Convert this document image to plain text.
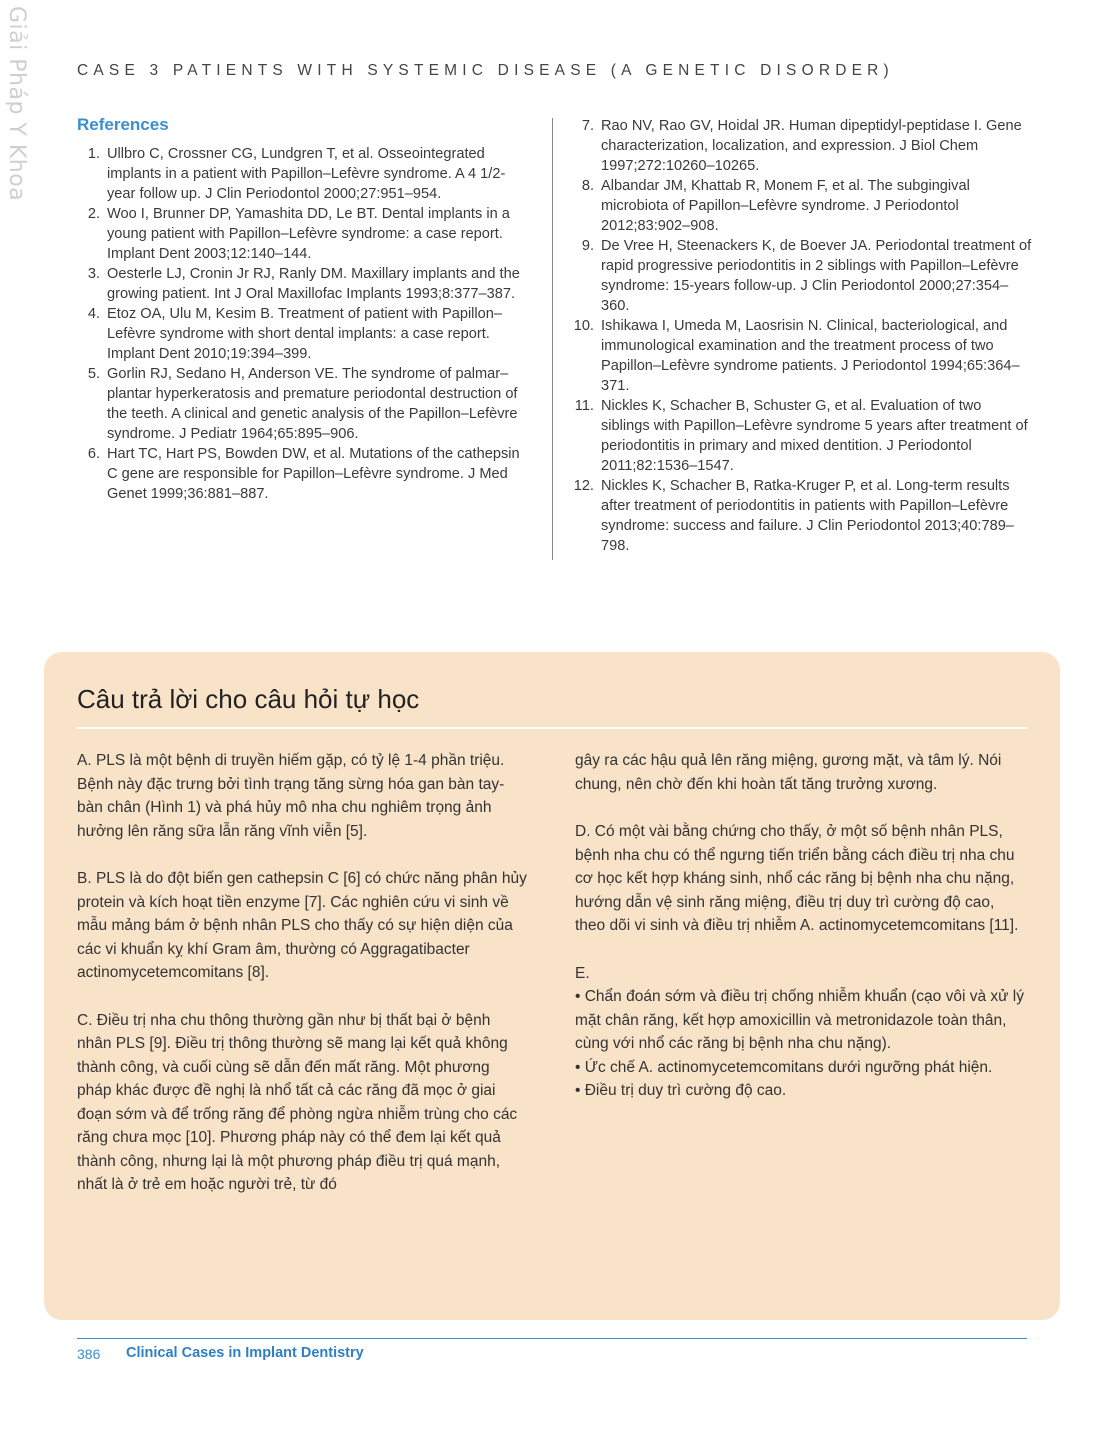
Giải Pháp Y Khoa	CASE 3 PATIENTS WITH SYSTEMIC DISEASE (A GENETIC DISORDER)
References
1. Ullbro C, Crossner CG, Lundgren T, et al. Osseointegrated implants in a patient with Papillon–Lefèvre syndrome. A 4 1/2-year follow up. J Clin Periodontol 2000;27:951–954.
2. Woo I, Brunner DP, Yamashita DD, Le BT. Dental implants in a young patient with Papillon–Lefèvre syndrome: a case report. Implant Dent 2003;12:140–144.
3. Oesterle LJ, Cronin Jr RJ, Ranly DM. Maxillary implants and the growing patient. Int J Oral Maxillofac Implants 1993;8:377–387.
4. Etoz OA, Ulu M, Kesim B. Treatment of patient with Papillon–Lefèvre syndrome with short dental implants: a case report. Implant Dent 2010;19:394–399.
5. Gorlin RJ, Sedano H, Anderson VE. The syndrome of palmar–plantar hyperkeratosis and premature periodontal destruction of the teeth. A clinical and genetic analysis of the Papillon–Lefèvre syndrome. J Pediatr 1964;65:895–906.
6. Hart TC, Hart PS, Bowden DW, et al. Mutations of the cathepsin C gene are responsible for Papillon–Lefèvre syndrome. J Med Genet 1999;36:881–887.
7. Rao NV, Rao GV, Hoidal JR. Human dipeptidyl-peptidase I. Gene characterization, localization, and expression. J Biol Chem 1997;272:10260–10265.
8. Albandar JM, Khattab R, Monem F, et al. The subgingival microbiota of Papillon–Lefèvre syndrome. J Periodontol 2012;83:902–908.
9. De Vree H, Steenackers K, de Boever JA. Periodontal treatment of rapid progressive periodontitis in 2 siblings with Papillon–Lefèvre syndrome: 15-years follow-up. J Clin Periodontol 2000;27:354–360.
10. Ishikawa I, Umeda M, Laosrisin N. Clinical, bacteriological, and immunological examination and the treatment process of two Papillon–Lefèvre syndrome patients. J Periodontol 1994;65:364–371.
11. Nickles K, Schacher B, Schuster G, et al. Evaluation of two siblings with Papillon–Lefèvre syndrome 5 years after treatment of periodontitis in primary and mixed dentition. J Periodontol 2011;82:1536–1547.
12. Nickles K, Schacher B, Ratka-Kruger P, et al. Long-term results after treatment of periodontitis in patients with Papillon–Lefèvre syndrome: success and failure. J Clin Periodontol 2013;40:789–798.
Câu trả lời cho câu hỏi tự học

A. PLS là một bệnh di truyền hiếm gặp, có tỷ lệ 1-4 phần triệu. Bệnh này đặc trưng bởi tình trạng tăng sừng hóa gan bàn tay-bàn chân (Hình 1) và phá hủy mô nha chu nghiêm trọng ảnh hưởng lên răng sữa lẫn răng vĩnh viễn [5].

B. PLS là do đột biến gen cathepsin C [6] có chức năng phân hủy protein và kích hoạt tiền enzyme [7]. Các nghiên cứu vi sinh về mẫu mảng bám ở bệnh nhân PLS cho thấy có sự hiện diện của các vi khuẩn kỵ khí Gram âm, thường có Aggragatibacter actinomycetemcomitans [8].

C. Điều trị nha chu thông thường gần như bị thất bại ở bệnh nhân PLS [9]. Điều trị thông thường sẽ mang lại kết quả không thành công, và cuối cùng sẽ dẫn đến mất răng. Một phương pháp khác được đề nghị là nhổ tất cả các răng đã mọc ở giai đoạn sớm và để trống răng để phòng ngừa nhiễm trùng cho các răng chưa mọc [10]. Phương pháp này có thể đem lại kết quả thành công, nhưng lại là một phương pháp điều trị quá mạnh, nhất là ở trẻ em hoặc người trẻ, từ đó

gây ra các hậu quả lên răng miệng, gương mặt, và tâm lý. Nói chung, nên chờ đến khi hoàn tất tăng trưởng xương.

D. Có một vài bằng chứng cho thấy, ở một số bệnh nhân PLS, bệnh nha chu có thể ngưng tiến triển bằng cách điều trị nha chu cơ học kết hợp kháng sinh, nhổ các răng bị bệnh nha chu nặng, hướng dẫn vệ sinh răng miệng, điều trị duy trì cường độ cao, theo dõi vi sinh và điều trị nhiễm A. actinomycetemcomitans [11].

E.
• Chẩn đoán sớm và điều trị chống nhiễm khuẩn (cạo vôi và xử lý mặt chân răng, kết hợp amoxicillin và metronidazole toàn thân, cùng với nhổ các răng bị bệnh nha chu nặng).
• Ức chế A. actinomycetemcomitans dưới ngưỡng phát hiện.
• Điều trị duy trì cường độ cao.
386 Clinical Cases in Implant Dentistry
